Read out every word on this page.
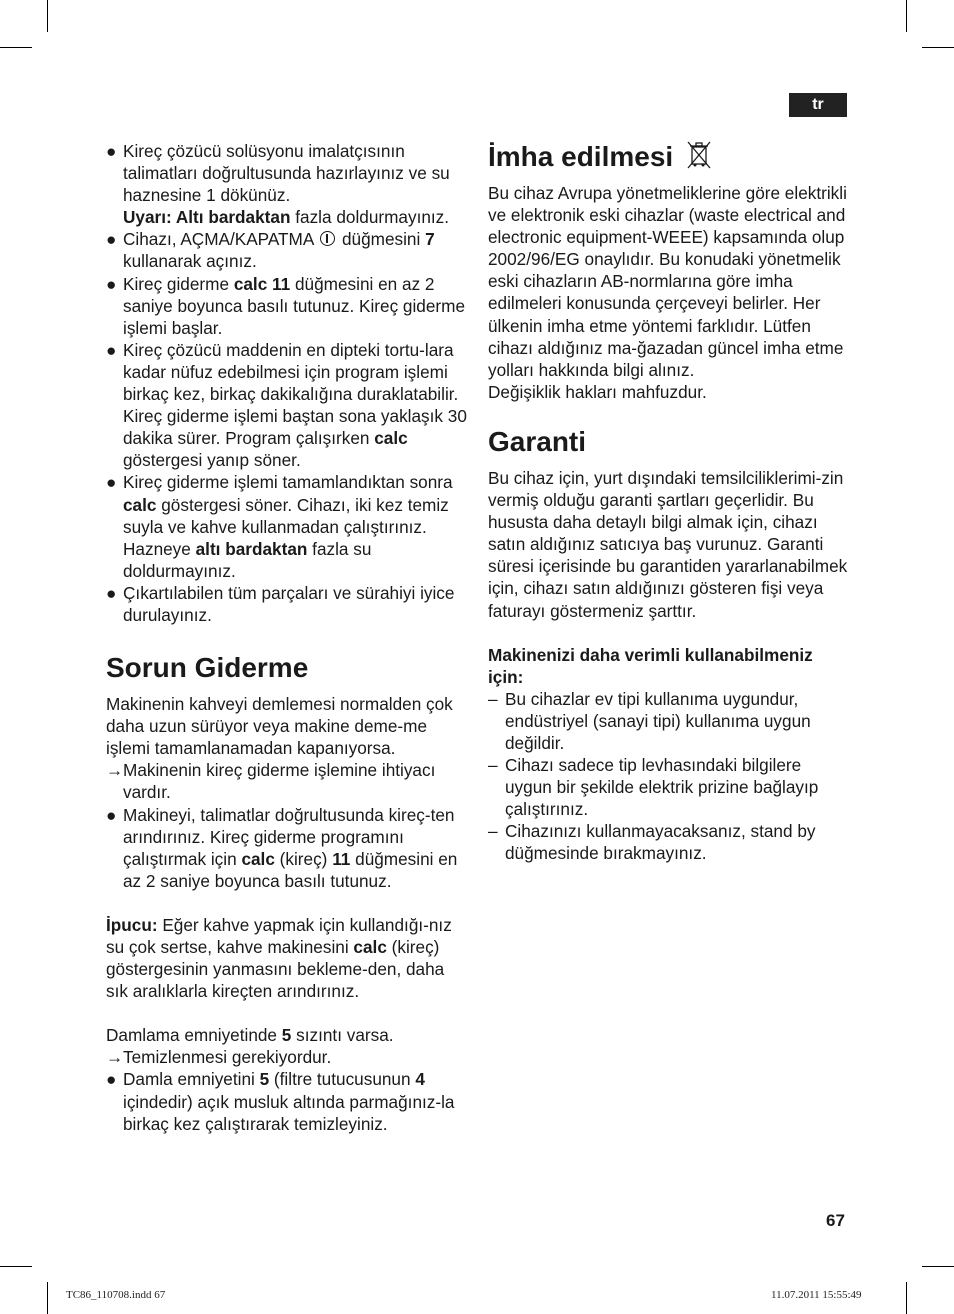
tr
● Kireç çözücü solüsyonu imalatçısının talimatları doğrultusunda hazırlayınız ve su haznesine 1 dökünüz.
Uyarı: Altı bardaktan fazla doldurmayınız.
● Cihazı, AÇMA/KAPATMA  düğmesini 7 kullanarak açınız.
● Kireç giderme calc 11 düğmesini en az 2 saniye boyunca basılı tutunuz. Kireç giderme işlemi başlar.
● Kireç çözücü maddenin en dipteki tortu-lara kadar nüfuz edebilmesi için program işlemi birkaç kez, birkaç dakikalığına duraklatabilir. Kireç giderme işlemi baştan sona yaklaşık 30 dakika sürer. Program çalışırken calc göstergesi yanıp söner.
● Kireç giderme işlemi tamamlandıktan sonra calc göstergesi söner. Cihazı, iki kez temiz suyla ve kahve kullanmadan çalıştırınız. Hazneye altı bardaktan fazla su doldurmayınız.
● Çıkartılabilen tüm parçaları ve sürahiyi iyice durulayınız.
Sorun Giderme

Makinenin kahveyi demlemesi normalden çok daha uzun sürüyor veya makine deme-me işlemi tamamlanamadan kapanıyorsa.

→ Makinenin kireç giderme işlemine ihtiyacı vardır.
● Makineyi, talimatlar doğrultusunda kireç-ten arındırınız. Kireç giderme programını çalıştırmak için calc (kireç) 11 düğmesini en az 2 saniye boyunca basılı tutunuz.

İpucu: Eğer kahve yapmak için kullandığı-nız su çok sertse, kahve makinesini calc (kireç) göstergesinin yanmasını bekleme-den, daha sık aralıklarla kireçten arındırınız.

Damlama emniyetinde 5 sızıntı varsa.

→ Temizlenmesi gerekiyordur.
● Damla emniyetini 5 (filtre tutucusunun 4 içindedir) açık musluk altında parmağınız-la birkaç kez çalıştırarak temizleyiniz.
İmha edilmesi

Bu cihaz Avrupa yönetmeliklerine göre elektrikli ve elektronik eski cihazlar (waste electrical and electronic equipment-WEEE) kapsamında olup 2002/96/EG onaylıdır. Bu konudaki yönetmelik eski cihazların AB-normlarına göre imha edilmeleri konusunda çerçeveyi belirler. Her ülkenin imha etme yöntemi farklıdır. Lütfen cihazı aldığınız ma-ğazadan güncel imha etme yolları hakkında bilgi alınız.

Değişiklik hakları mahfuzdur.

Garanti

Bu cihaz için, yurt dışındaki temsilciliklerimi-zin vermiş olduğu garanti şartları geçerlidir. Bu hususta daha detaylı bilgi almak için, cihazı satın aldığınız satıcıya baş vurunuz. Garanti süresi içerisinde bu garantiden yararlanabilmek için, cihazı satın aldığınızı gösteren fişi veya faturayı göstermeniz şarttır.

Makinenizi daha verimli kullanabilmeniz için:

– Bu cihazlar ev tipi kullanıma uygundur, endüstriyel (sanayi tipi) kullanıma uygun değildir.
– Cihazı sadece tip levhasındaki bilgilere uygun bir şekilde elektrik prizine bağlayıp çalıştırınız.
– Cihazınızı kullanmayacaksanız, stand by düğmesinde bırakmayınız.
67
TC86_110708.indd 67	11.07.2011 15:55:49
